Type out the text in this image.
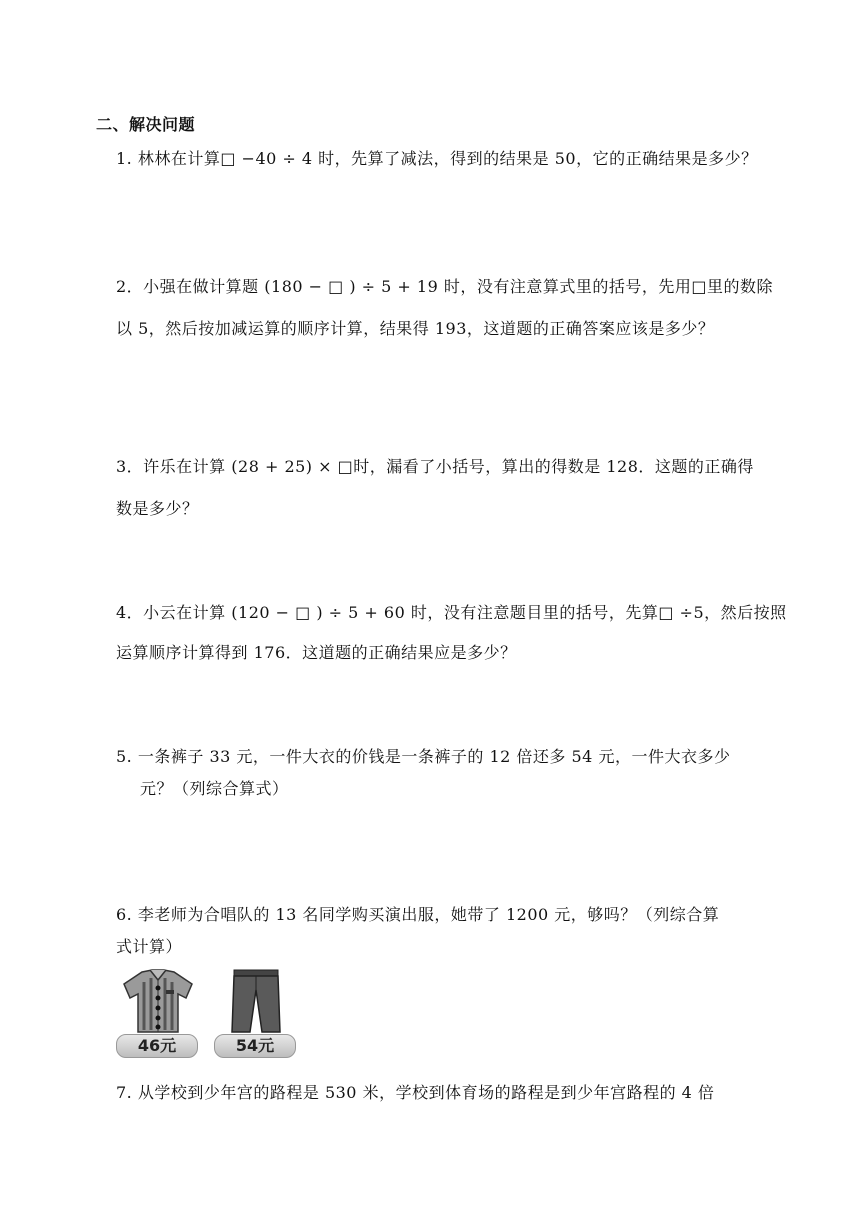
二、解决问题
1. 林林在计算□ −40 ÷ 4 时，先算了减法，得到的结果是 50，它的正确结果是多少？
2．小强在做计算题 (180 − □ ) ÷ 5 + 19 时，没有注意算式里的括号，先用□里的数除
以 5，然后按加减运算的顺序计算，结果得 193，这道题的正确答案应该是多少？
3．许乐在计算 (28 + 25) × □时，漏看了小括号，算出的得数是 128．这题的正确得
数是多少？
4．小云在计算 (120 − □ ) ÷ 5 + 60 时，没有注意题目里的括号，先算□ ÷5，然后按照
运算顺序计算得到 176．这道题的正确结果应是多少？
5. 一条裤子 33 元，一件大衣的价钱是一条裤子的 12 倍还多 54 元，一件大衣多少
元？（列综合算式）
6. 李老师为合唱队的 13 名同学购买演出服，她带了 1200 元，够吗？（列综合算
式计算）
46元	54元
7. 从学校到少年宫的路程是 530 米，学校到体育场的路程是到少年宫路程的 4 倍
